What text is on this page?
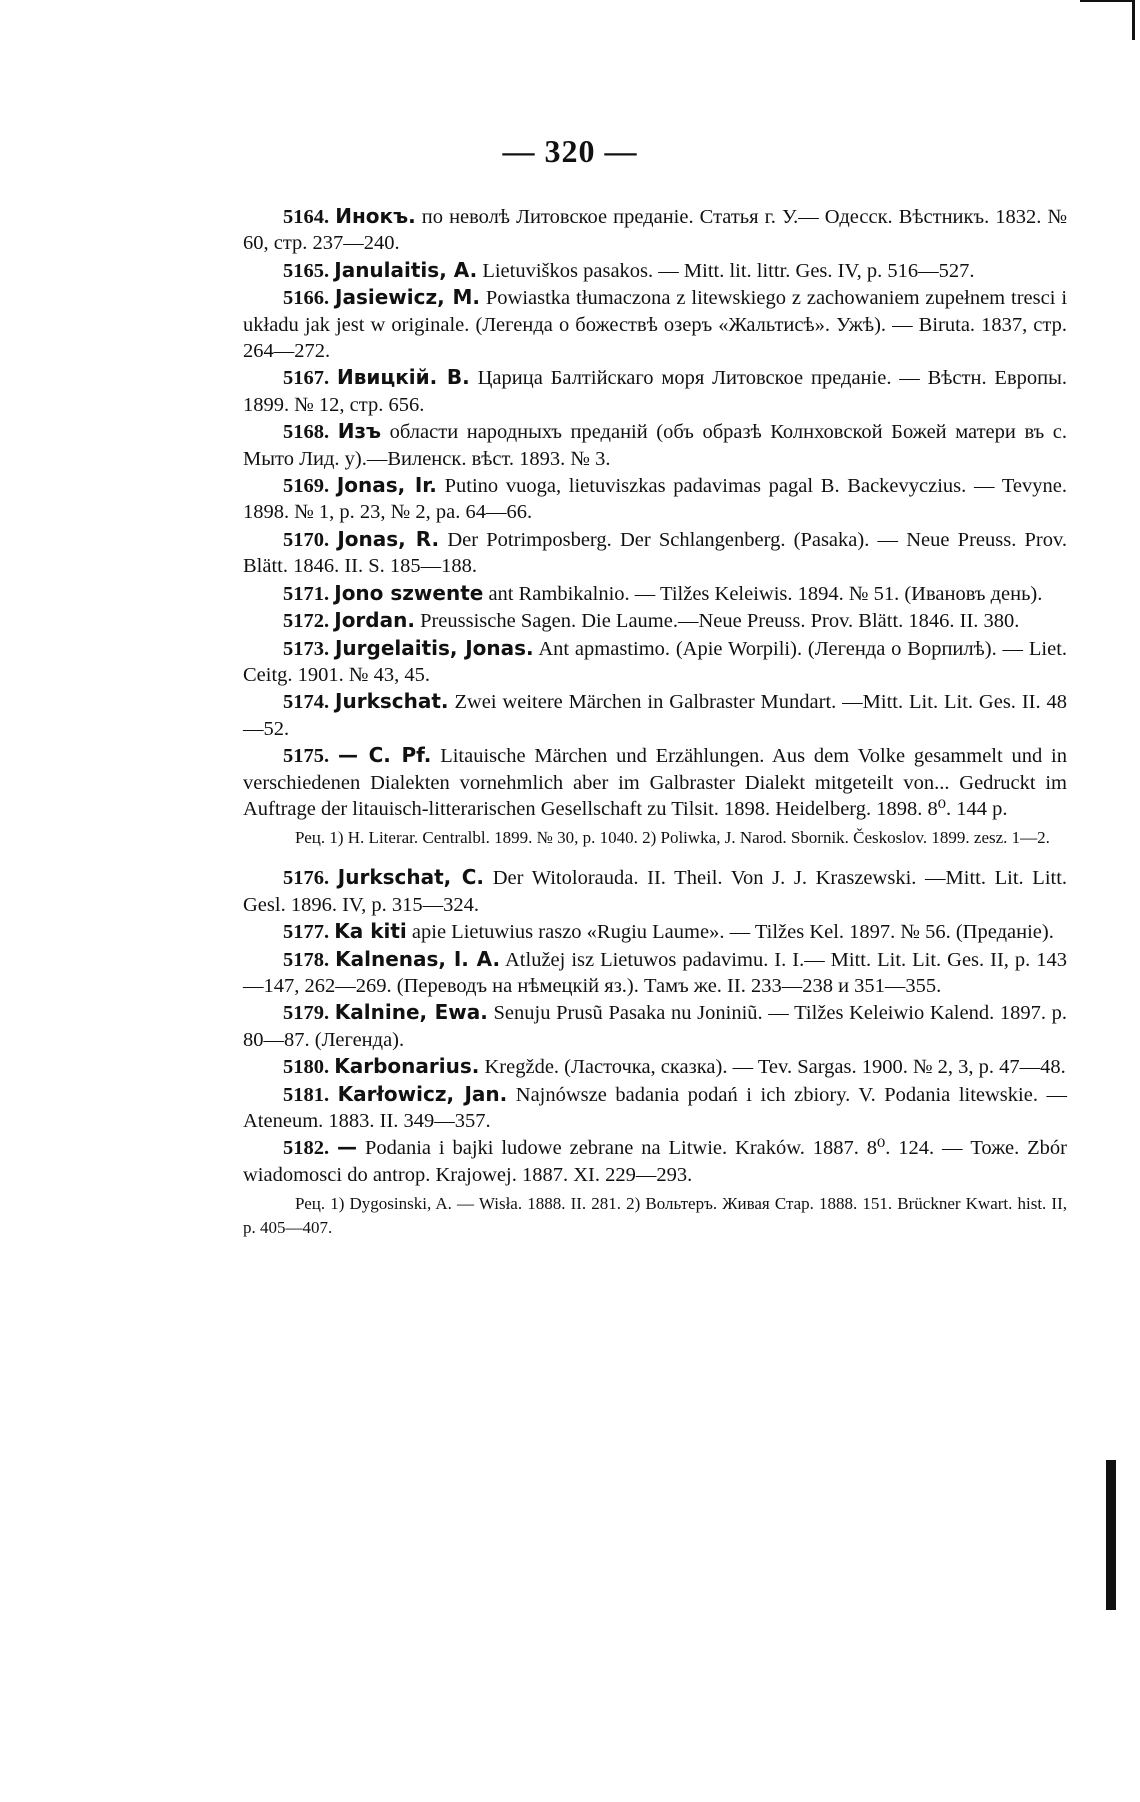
— 320 —

5164. Инокъ. по неволѣ Литовское преданіе. Статья г. У.— Одесск. Вѣстникъ. 1832. № 60, стр. 237—240.

5165. Janulaitis, A. Lietuviškos pasakos. — Mitt. lit. littr. Ges. IV, p. 516—527.

5166. Jasiewicz, M. Powiastka tłumaczona z litewskiego z zachowaniem zupełnem tresci i układu jak jest w originale. (Легенда о божествѣ озеръ «Жальтисѣ». Ужѣ). — Biruta. 1837, стр. 264—272.

5167. Ивицкій. В. Царица Балтійскаго моря Литовское преданіе. — Вѣстн. Европы. 1899. № 12, стр. 656.

5168. Изъ области народныхъ преданій (объ образѣ Колнховской Божей матери въ с. Мыто Лид. у).—Виленск. вѣст. 1893. № 3.

5169. Jonas, Ir. Putino vuoga, lietuviszkas padavimas pagal B. Backevyczius. — Tevyne. 1898. № 1, p. 23, № 2, pa. 64—66.

5170. Jonas, R. Der Potrimposberg. Der Schlangenberg. (Pasaka). — Neue Preuss. Prov. Blätt. 1846. II. S. 185—188.

5171. Jono szwente ant Rambikalnio. — Tilžes Keleiwis. 1894. № 51. (Ивановъ день).

5172. Jordan. Preussische Sagen. Die Laume.—Neue Preuss. Prov. Blätt. 1846. II. 380.

5173. Jurgelaitis, Jonas. Ant apmastimo. (Apie Worpili). (Легенда о Ворпилѣ). — Liet. Ceitg. 1901. № 43, 45.

5174. Jurkschat. Zwei weitere Märchen in Galbraster Mundart. —Mitt. Lit. Lit. Ges. II. 48—52.

5175. — C. Pf. Litauische Märchen und Erzählungen. Aus dem Volke gesammelt und in verschiedenen Dialekten vornehmlich aber im Galbraster Dialekt mitgeteilt von... Gedruckt im Auftrage der litauisch-litterarischen Gesellschaft zu Tilsit. 1898. Heidelberg. 1898. 8⁰. 144 p.

Рец. 1) H. Literar. Centralbl. 1899. № 30, p. 1040. 2) Poliwka, J. Narod. Sbornik. Českoslov. 1899. zesz. 1—2.

5176. Jurkschat, C. Der Witoloraudа. II. Theil. Von J. J. Kraszewski. —Mitt. Lit. Litt. Gesl. 1896. IV, p. 315—324.

5177. Ka kiti apie Lietuwius raszo «Rugiu Laume». — Tilžes Kel. 1897. № 56. (Преданіе).

5178. Kalnenas, I. A. Atlužej isz Lietuwos padavimu. I. I.— Mitt. Lit. Lit. Ges. II, p. 143—147, 262—269. (Переводъ на нѣмецкій яз.). Тамъ же. II. 233—238 и 351—355.

5179. Kalnine, Ewa. Senuju Prusũ Pasaka nu Joniniũ. — Tilžes Keleiwio Kalend. 1897. p. 80—87. (Легенда).

5180. Karbonarius. Kregžde. (Ласточка, сказка). — Tev. Sargas. 1900. № 2, 3, p. 47—48.

5181. Karłowicz, Jan. Najnówsze badania podań i ich zbiory. V. Podania litewskie. — Ateneum. 1883. II. 349—357.

5182. — Podania i bajki ludowe zebrane na Litwie. Kraków. 1887. 8⁰. 124. — Тоже. Zbór wiadomosci do antrop. Krajowej. 1887. XI. 229—293.

Рец. 1) Dygosinski, A. — Wisła. 1888. II. 281. 2) Вольтеръ. Живая Стар. 1888. 151. Brückner Kwart. hist. II, p. 405—407.
